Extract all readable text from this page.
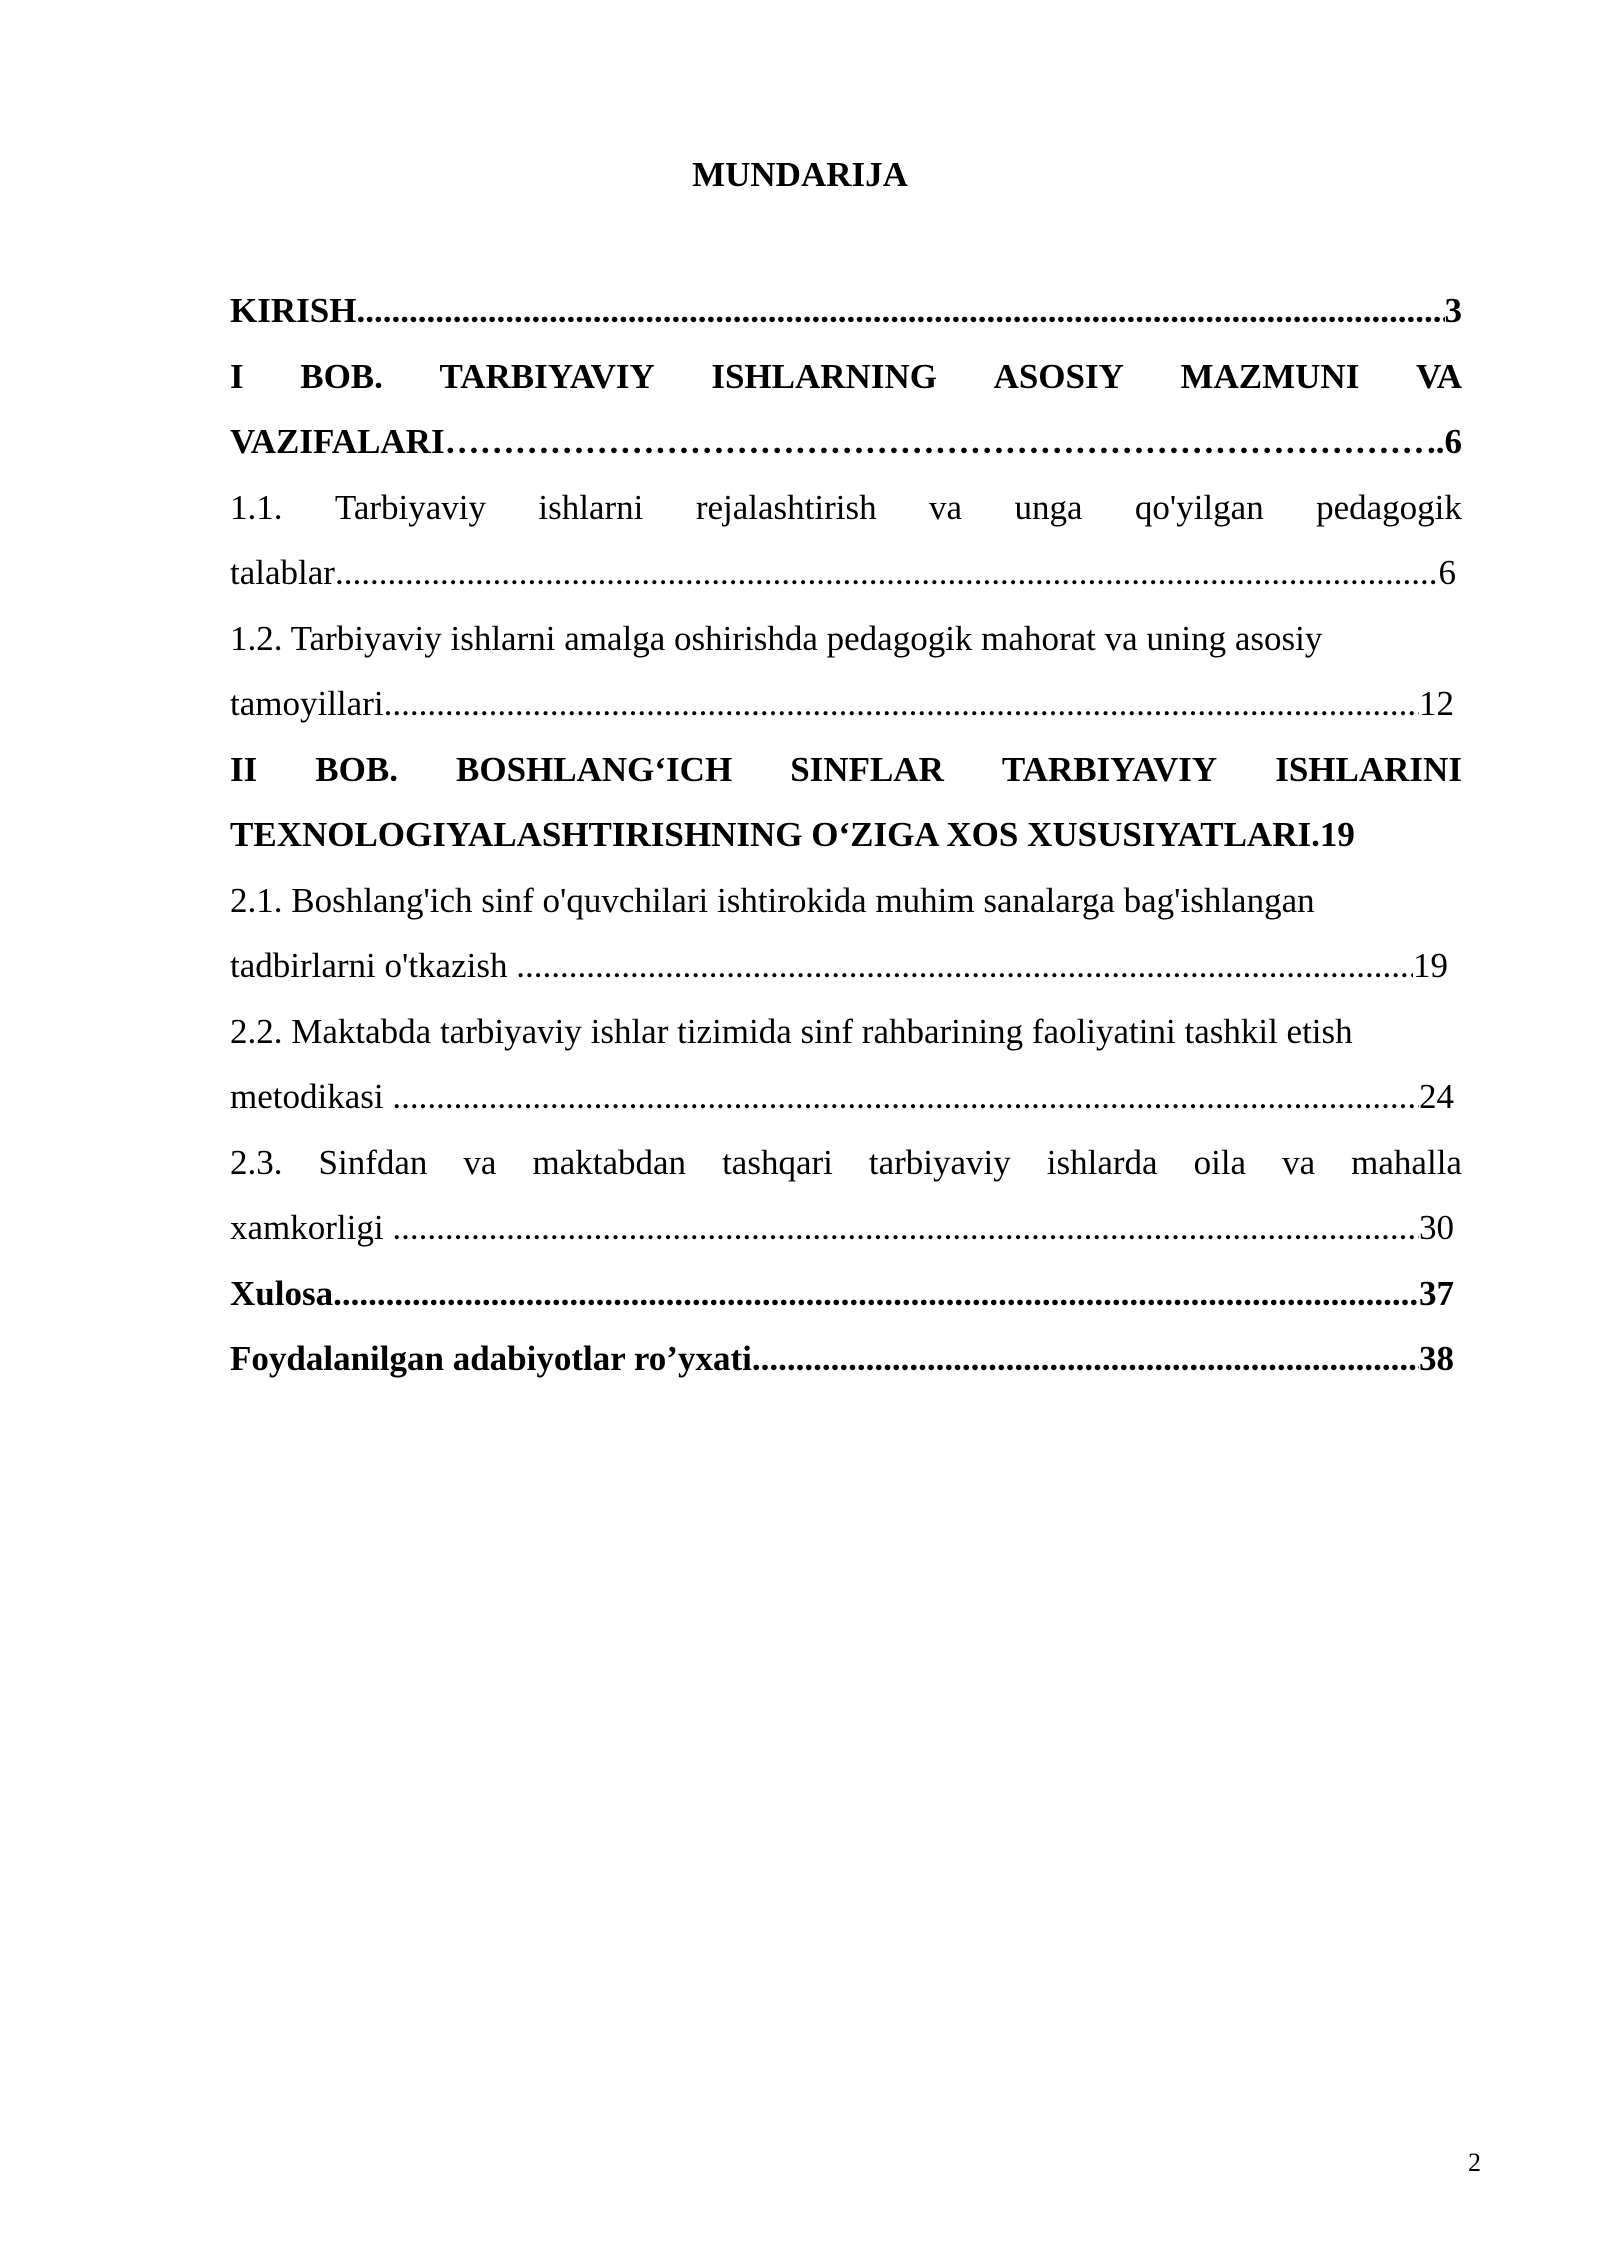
MUNDARIJA
KIRISH .....	3
I BOB. TARBIYAVIY ISHLARNING ASOSIY MAZMUNI VA
VAZIFALARI ……………………………………………………………………………………………………………………………………………………………………	.. 6
1.1. Tarbiyaviy ishlarni rejalashtirish va unga qo'yilgan pedagogik
talablar .....	6
1.2. Tarbiyaviy ishlarni amalga oshirishda pedagogik mahorat va uning asosiy
tamoyillari .....	12
II BOB. BOSHLANG‘ICH SINFLAR TARBIYAVIY ISHLARINI
TEXNOLOGIYALASHTIRISHNING O‘ZIGA XOS XUSUSIYATLARI.19
2.1. Boshlang'ich sinf o'quvchilari ishtirokida muhim sanalarga bag'ishlangan
tadbirlarni o'tkazish .....	19
2.2. Maktabda tarbiyaviy ishlar tizimida sinf rahbarining faoliyatini tashkil etish
metodikasi .....	24
2.3. Sinfdan va maktabdan tashqari tarbiyaviy ishlarda oila va mahalla
xamkorligi .....	30
Xulosa .....	37
Foydalanilgan adabiyotlar ro’yxati .....	38
2
